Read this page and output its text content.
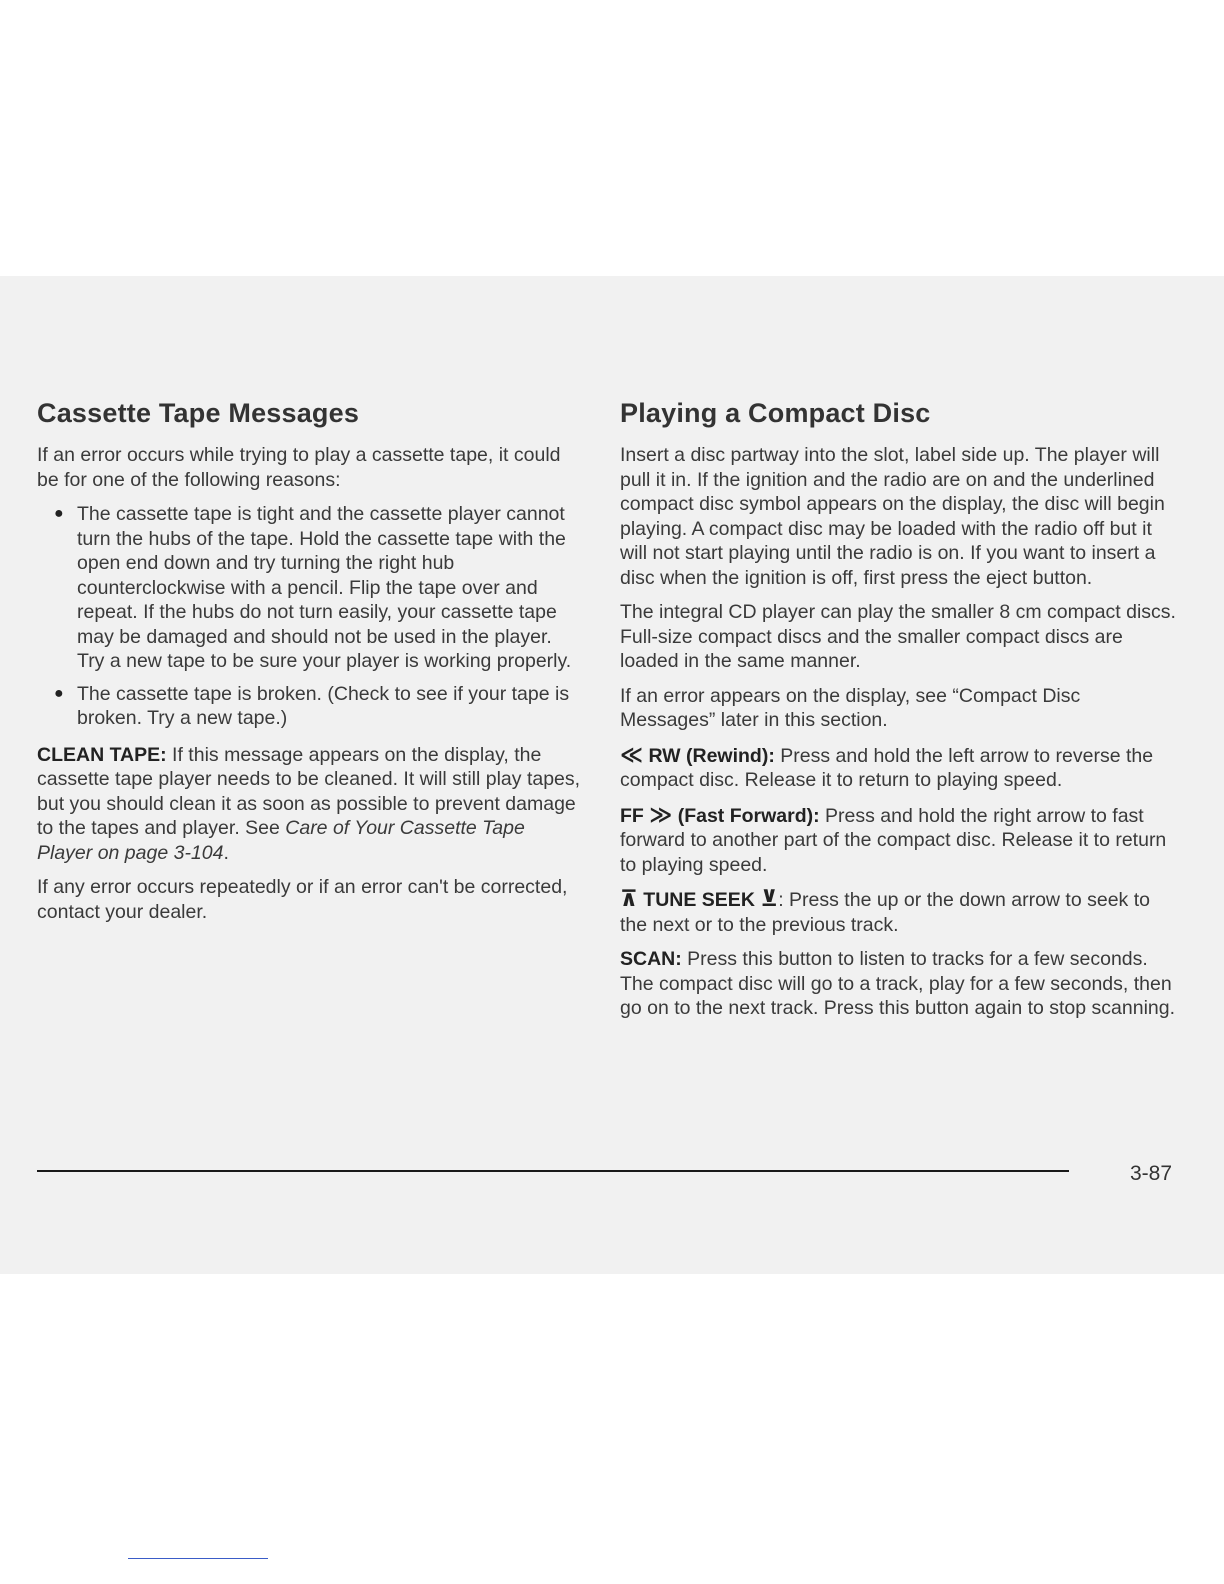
Cassette Tape Messages

If an error occurs while trying to play a cassette tape, it could be for one of the following reasons:

● The cassette tape is tight and the cassette player cannot turn the hubs of the tape. Hold the cassette tape with the open end down and try turning the right hub counterclockwise with a pencil. Flip the tape over and repeat. If the hubs do not turn easily, your cassette tape may be damaged and should not be used in the player. Try a new tape to be sure your player is working properly.
● The cassette tape is broken. (Check to see if your tape is broken. Try a new tape.)

CLEAN TAPE: If this message appears on the display, the cassette tape player needs to be cleaned. It will still play tapes, but you should clean it as soon as possible to prevent damage to the tapes and player. See Care of Your Cassette Tape Player on page 3-104.

If any error occurs repeatedly or if an error can't be corrected, contact your dealer.

Playing a Compact Disc

Insert a disc partway into the slot, label side up. The player will pull it in. If the ignition and the radio are on and the underlined compact disc symbol appears on the display, the disc will begin playing. A compact disc may be loaded with the radio off but it will not start playing until the radio is on. If you want to insert a disc when the ignition is off, first press the eject button.

The integral CD player can play the smaller 8 cm compact discs. Full-size compact discs and the smaller compact discs are loaded in the same manner.

If an error appears on the display, see “Compact Disc Messages” later in this section.

≪ RW (Rewind): Press and hold the left arrow to reverse the compact disc. Release it to return to playing speed.

FF ≫ (Fast Forward): Press and hold the right arrow to fast forward to another part of the compact disc. Release it to return to playing speed.

⊼ TUNE SEEK ⊻: Press the up or the down arrow to seek to the next or to the previous track.

SCAN: Press this button to listen to tracks for a few seconds. The compact disc will go to a track, play for a few seconds, then go on to the next track. Press this button again to stop scanning.

3-87
